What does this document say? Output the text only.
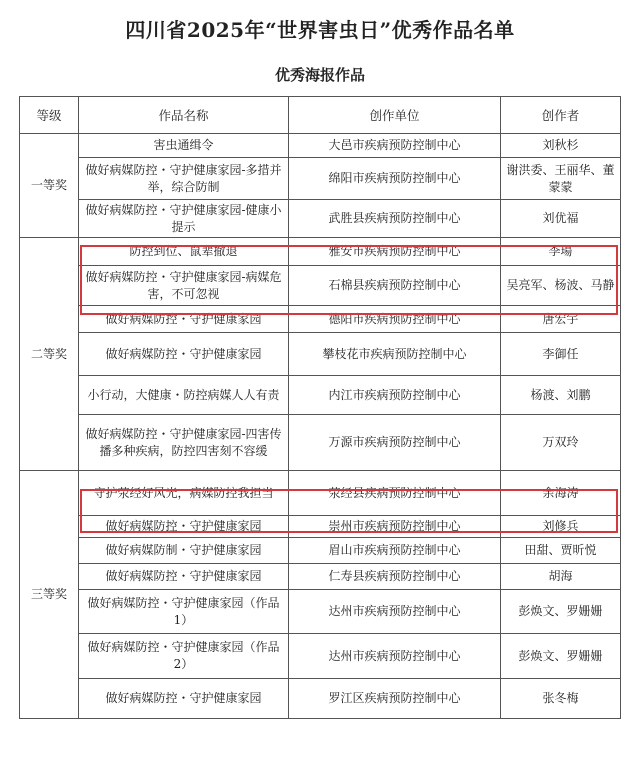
四川省2025年“世界害虫日”优秀作品名单
优秀海报作品
等级	作品名称	创作单位	创作者
一等奖	害虫通缉令	大邑市疾病预防控制中心	刘秋杉
	做好病媒防控・守护健康家园-多措并举，综合防制	绵阳市疾病预防控制中心	谢洪委、王丽华、董蒙蒙
	做好病媒防控・守护健康家园-健康小提示	武胜县疾病预防控制中心	刘优福
二等奖	防控到位、鼠辈撤退	雅安市疾病预防控制中心	李瑒
	做好病媒防控・守护健康家园-病媒危害，不可忽视	石棉县疾病预防控制中心	吴亮军、杨波、马静
	做好病媒防控・守护健康家园	德阳市疾病预防控制中心	唐宏宇
	做好病媒防控・守护健康家园	攀枝花市疾病预防控制中心	李御任
	小行动，大健康・防控病媒人人有责	内江市疾病预防控制中心	杨渡、刘鹏
	做好病媒防控・守护健康家园-四害传播多种疾病，防控四害刻不容缓	万源市疾病预防控制中心	万双玲
三等奖	守护荥经好风光，病媒防控我担当	荥经县疾病预防控制中心	余海涛
	做好病媒防控・守护健康家园	崇州市疾病预防控制中心	刘修兵
	做好病媒防制・守护健康家园	眉山市疾病预防控制中心	田甜、贾昕悦
	做好病媒防控・守护健康家园	仁寿县疾病预防控制中心	胡海
	做好病媒防控・守护健康家园（作品1）	达州市疾病预防控制中心	彭焕文、罗姗姗
	做好病媒防控・守护健康家园（作品2）	达州市疾病预防控制中心	彭焕文、罗姗姗
	做好病媒防控・守护健康家园	罗江区疾病预防控制中心	张冬梅
